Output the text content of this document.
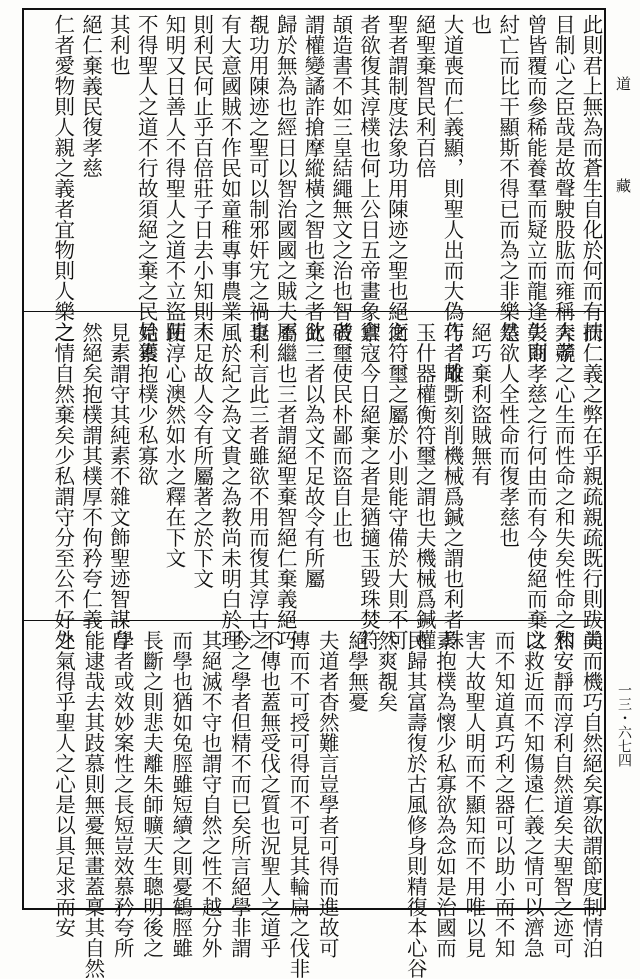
道　藏
一三・六七四
此則君上無為而蒼生自化於何而有扶
目制心之臣哉是故聲駛股肱而雍稱大孝
曾皆覆而參稀能養羣而疑立而龍逢彰商
紂亡而比干顯斯不得已而為之非樂然
也
大道喪而仁義顯，則聖人出而大偽作，故
絕聖棄智民利百倍
聖者謂制度法象功用陳迹之聖也絕之
者欲復其淳樸也何上公日五帝畫象倉
頡造書不如三皇結繩無文之治也智者
謂權變譎詐搶摩縱橫之智也棄之者欲
歸於無為也經日以智治國國之賊夫不
覩功用陳迹之聖可以制邪奸宄之禍也
有大意國賊不作民如童稚專事農業
則利民何止乎百倍莊子日去小知則大
知明又日善人不得聖人之道不立盜跖
不得聖人之道不行故須絕之棄之民始獲
其利也
絕仁棄義民復孝慈
仁者愛物則人親之義者宜物則人樂之
而仁義之弊在乎親疏親疏既行則跋尚
奔競之心生而性命之和失矣性命之和
失則孝慈之行何由而有今使絕而棄之
是欲人全性命而復孝慈也
絕巧棄利盜賊無有
巧者雕斲刻削機械爲鍼之謂也利者珠
玉什器權衡符璽之謂也夫機械爲鍼權
衡符璽之屬於小則能守備於大則不可
禦寇今日絕棄之者是猶擿玉毀珠焚符
破璽使民朴鄙而盜自止也
此三者以為文不足故令有所屬
屬繼也三者謂絕聖棄智絕仁棄義絕巧
棄利言此三者雖欲不用而復其淳古之
風於紀之為文貴之為教尚未明白於理
不足故人令有所屬著之於下文
使淳心澳然如水之釋在下文
見素抱樸少私寡欲
見素謂守其純素不雜文飾聖迹智謀自
然絕矣抱樸謂其樸厚不佝矜夸仁義
之情自然棄矣少私謂守分至公不好外
美而機巧自然絕矣寡欲謂節度制情泊
然安靜而淳利自然道矣夫聖智之迹可
以救近而不知傷遠仁義之情可以濟急
而不知道真巧利之器可以助小而不知
害大故聖人明而不顯知而不用唯以見
素抱樸為懷少私寡欲為念如是治國而
民歸其富壽復於古風修身則精復本心谷
然爽覩矣
絕學無憂
夫道者杳然難言豈學者可得而進故可
傳而不可授可得而不可見其輪扁之伐非
不傳也蓋無受伐之質也況聖人之道乎
今之學者但精不而已矣所言絕學非謂
其絕滅不守也謂守自然之性不越分外
而學也猶如兔脛雖短續之則憂鶴脛雖
長斷之則悲夫離朱師曠天生聰明後之
學者或效妙案性之長短豈效慕矜夸所
能逮哉去其跂慕則無憂無畫蓋稟其自然
之氣得乎聖人之心是以具足求而安
